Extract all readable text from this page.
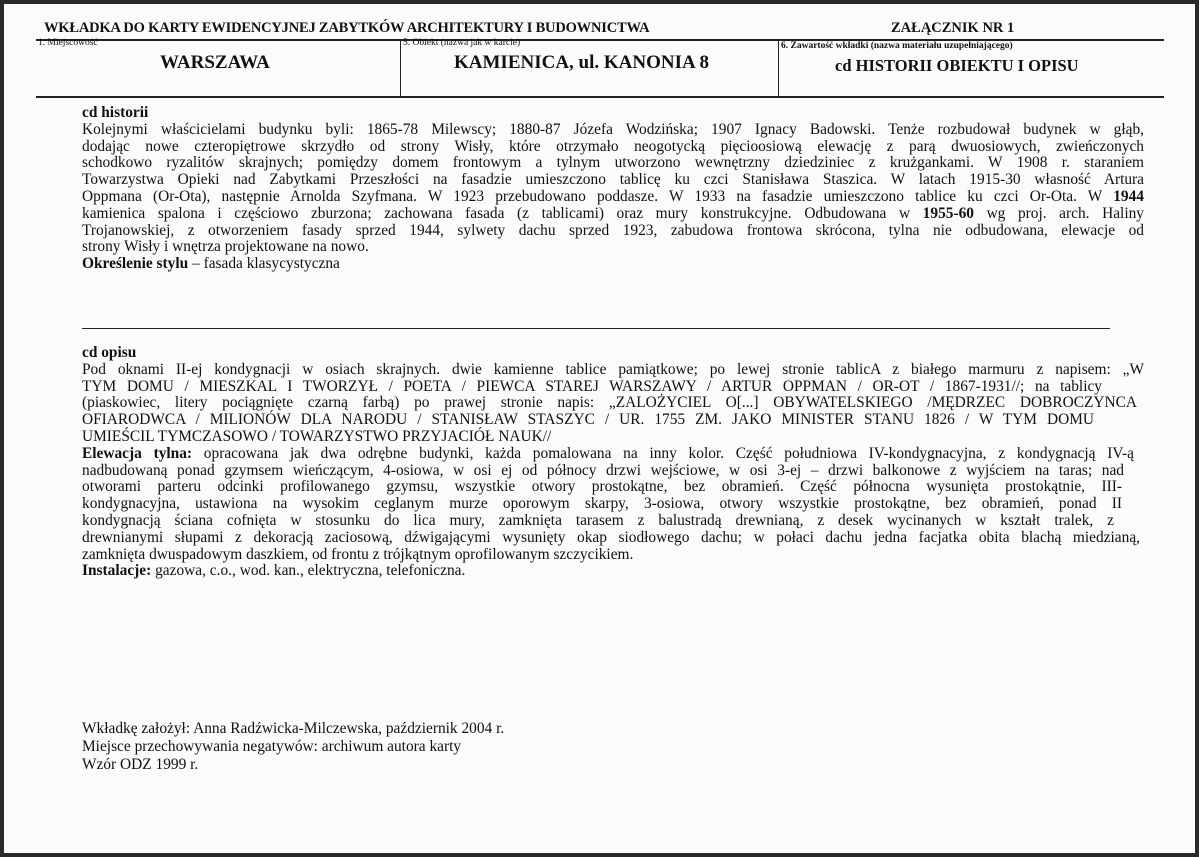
WKŁADKA DO KARTY EWIDENCYJNEJ ZABYTKÓW ARCHITEKTURY I BUDOWNICTWA	ZAŁĄCZNIK NR 1
1. Miejscowość
WARSZAWA
5. Obiekt (nazwa jak w karcie)
KAMIENICA, ul. KANONIA 8
6. Zawartość wkładki (nazwa materiału uzupełniającego)
cd HISTORII OBIEKTU I OPISU
cd historii
Kolejnymi właścicielami budynku byli: 1865-78 Milewscy; 1880-87 Józefa Wodzińska; 1907 Ignacy Badowski. Tenże rozbudował budynek w głąb,
dodając nowe czteropiętrowe skrzydło od strony Wisły, które otrzymało neogotycką pięcioosiową elewację z parą dwuosiowych, zwieńczonych
schodkowo ryzalitów skrajnych; pomiędzy domem frontowym a tylnym utworzono wewnętrzny dziedziniec z krużgankami. W 1908 r. staraniem
Towarzystwa Opieki nad Zabytkami Przeszłości na fasadzie umieszczono tablicę ku czci Stanisława Staszica. W latach 1915-30 własność Artura
Oppmana (Or-Ota), następnie Arnolda Szyfmana. W 1923 przebudowano poddasze. W 1933 na fasadzie umieszczono tablice ku czci Or-Ota. W 1944
kamienica spalona i częściowo zburzona; zachowana fasada (z tablicami) oraz mury konstrukcyjne. Odbudowana w 1955-60 wg proj. arch. Haliny
Trojanowskiej, z otworzeniem fasady sprzed 1944, sylwety dachu sprzed 1923, zabudowa frontowa skrócona, tylna nie odbudowana, elewacje od
strony Wisły i wnętrza projektowane na nowo.
Określenie stylu – fasada klasycystyczna
cd opisu
Pod oknami II-ej kondygnacji w osiach skrajnych. dwie kamienne tablice pamiątkowe; po lewej stronie tablicA z białego marmuru z napisem: „W
TYM DOMU / MIESZKAL I TWORZYŁ / POETA / PIEWCA STAREJ WARSZAWY / ARTUR OPPMAN / OR-OT / 1867-1931//; na tablicy
(piaskowiec, litery pociągnięte czarną farbą) po prawej stronie napis: „ZALOŻYCIEL O[...] OBYWATELSKIEGO /MĘDRZEC DOBROCZYNCA
OFIARODWCA / MILIONÓW DLA NARODU / STANISŁAW STASZYC / UR. 1755 ZM. JAKO MINISTER STANU 1826 / W TYM DOMU
UMIEŚCIL TYMCZASOWO / TOWARZYSTWO PRZYJACIÓŁ NAUK//
Elewacja tylna: opracowana jak dwa odrębne budynki, każda pomalowana na inny kolor. Część południowa IV-kondygnacyjna, z kondygnacją IV-ą
nadbudowaną ponad gzymsem wieńczącym, 4-osiowa, w osi ej od północy drzwi wejściowe, w osi 3-ej – drzwi balkonowe z wyjściem na taras; nad
otworami parteru odcinki profilowanego gzymsu, wszystkie otwory prostokątne, bez obramień. Część północna wysunięta prostokątnie, III-
kondygnacyjna, ustawiona na wysokim ceglanym murze oporowym skarpy, 3-osiowa, otwory wszystkie prostokątne, bez obramień, ponad II
kondygnacją ściana cofnięta w stosunku do lica mury, zamknięta tarasem z balustradą drewnianą, z desek wycinanych w kształt tralek, z
drewnianymi słupami z dekoracją zaciosową, dźwigającymi wysunięty okap siodłowego dachu; w połaci dachu jedna facjatka obita blachą miedzianą,
zamknięta dwuspadowym daszkiem, od frontu z trójkątnym oprofilowanym szczycikiem.
Instalacje: gazowa, c.o., wod. kan., elektryczna, telefoniczna.
Wkładkę założył: Anna Radźwicka-Milczewska, październik 2004 r.
Miejsce przechowywania negatywów: archiwum autora karty
Wzór ODZ 1999 r.
